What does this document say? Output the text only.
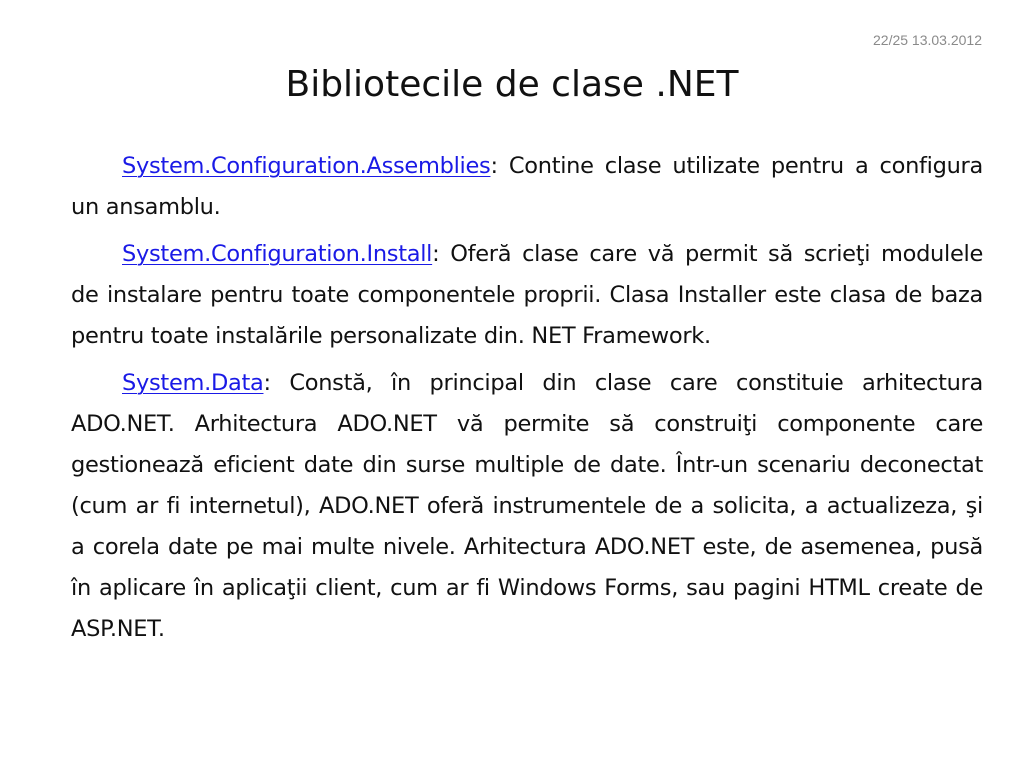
22/25 13.03.2012
Bibliotecile de clase .NET

System.Configuration.Assemblies: Contine clase utilizate pentru a configura un ansamblu.

System.Configuration.Install: Oferă clase care vă permit să scrieţi modulele de instalare pentru toate componentele proprii. Clasa Installer este clasa de baza pentru toate instalările personalizate din. NET Framework.

System.Data: Constă, în principal din clase care constituie arhitectura ADO.NET. Arhitectura ADO.NET vă permite să construiţi componente care gestionează eficient date din surse multiple de date. Într-un scenariu deconectat (cum ar fi internetul), ADO.NET oferă instrumentele de a solicita, a actualizeza, şi a corela date pe mai multe nivele. Arhitectura ADO.NET este, de asemenea, pusă în aplicare în aplicaţii client, cum ar fi Windows Forms, sau pagini HTML create de ASP.NET.
